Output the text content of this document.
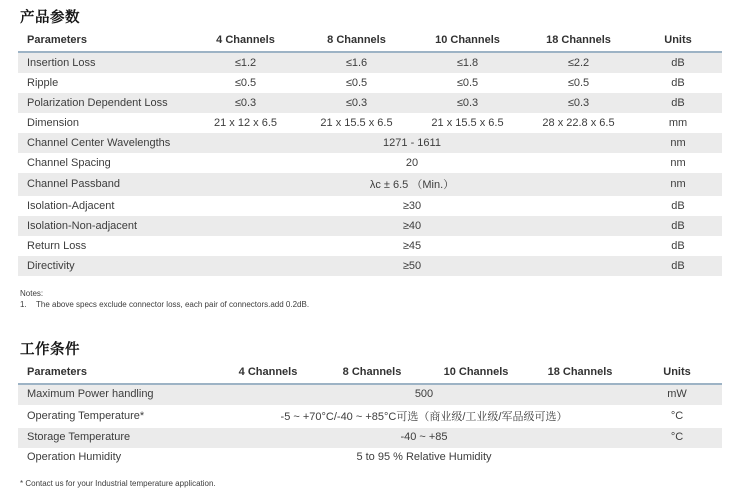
产品参数
Parameters	4 Channels	8 Channels	10 Channels	18 Channels	Units
Insertion Loss	≤1.2	≤1.6	≤1.8	≤2.2	dB
Ripple	≤0.5	≤0.5	≤0.5	≤0.5	dB
Polarization Dependent Loss	≤0.3	≤0.3	≤0.3	≤0.3	dB
Dimension	21 x 12 x 6.5	21 x 15.5 x 6.5	21 x 15.5 x 6.5	28 x 22.8 x 6.5	mm
Channel Center Wavelengths	1271 - 1611				nm
Channel Spacing	20				nm
Channel Passband	λc ± 6.5 （Min.）				nm
Isolation-Adjacent	≥30				dB
Isolation-Non-adjacent	≥40				dB
Return Loss	≥45				dB
Directivity	≥50				dB
Notes:
1. The above specs exclude connector loss, each pair of connectors.add 0.2dB.
工作条件
Parameters	4 Channels	8 Channels	10 Channels	18 Channels	Units
Maximum Power handling	500				mW
Operating Temperature*	-5 ~ +70°C/-40 ~ +85°C可选（商业级/工业级/军品级可选）				°C
Storage Temperature	-40 ~ +85				°C
Operation Humidity	5 to 95 % Relative Humidity				
* Contact us for your Industrial temperature application.
